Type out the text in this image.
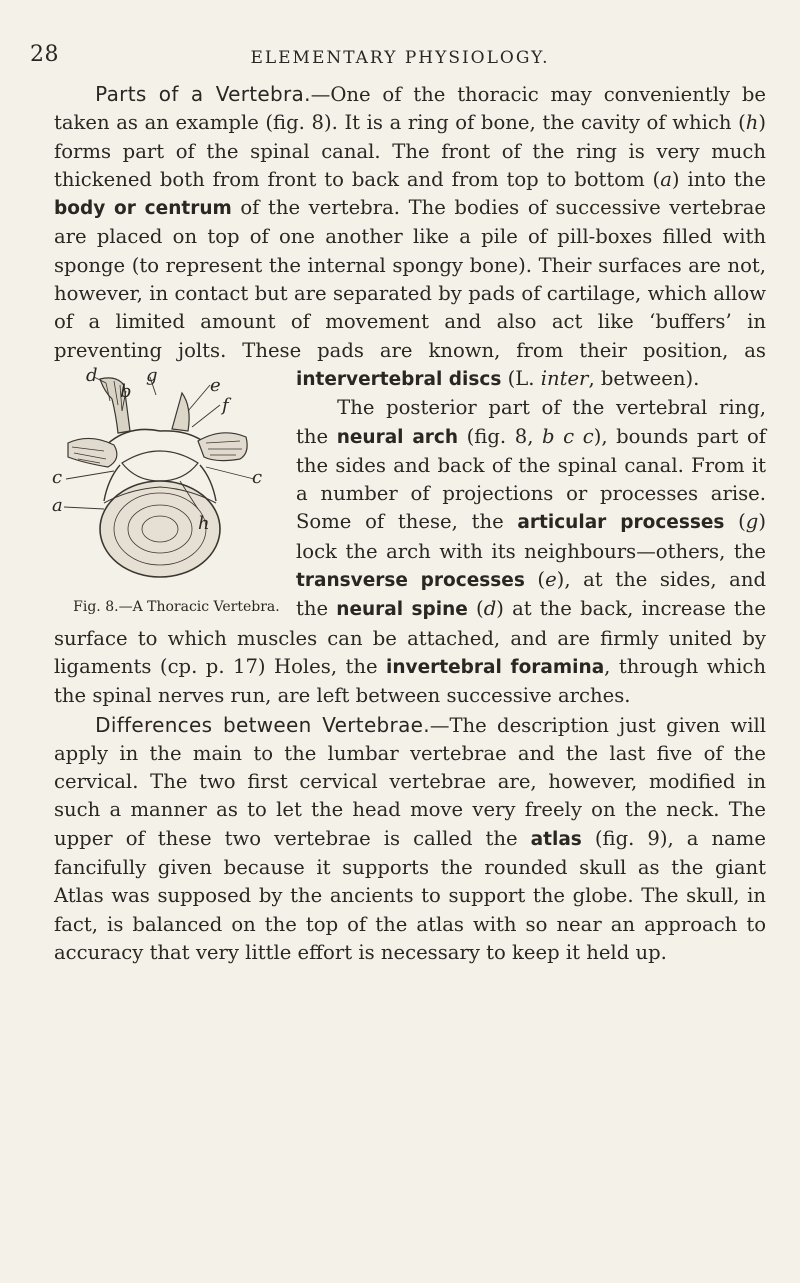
28	ELEMENTARY PHYSIOLOGY.

Parts of a Vertebra.—One of the thoracic may conveniently be taken as an example (fig. 8). It is a ring of bone, the cavity of which (h) forms part of the spinal canal. The front of the ring is very much thickened both from front to back and from top to bottom (a) into the body or centrum of the vertebra. The bodies of successive vertebrae are placed on top of one another like a pile of pill-boxes filled with sponge (to represent the internal spongy bone). Their surfaces are not, however, in contact but are separated by pads of cartilage, which allow of a limited amount of movement and also act like ‘buffers’ in preventing jolts. These pads are known, from their position, as
d	g
b	e
f
c	c
a
h
Fig. 8.—A Thoracic Vertebra.
intervertebral discs (L. inter, between).

The posterior part of the vertebral ring, the neural arch (fig. 8, b c c), bounds part of the sides and back of the spinal canal. From it a number of projections or processes arise. Some of these, the articular processes (g) lock the arch with its neighbours—others, the transverse processes (e), at the sides, and the neural spine (d) at the back, increase the surface to which muscles can be attached, and are firmly united by ligaments (cp. p. 17) Holes, the invertebral foramina, through which the spinal nerves run, are left between successive arches.

Differences between Vertebrae.—The description just given will apply in the main to the lumbar vertebrae and the last five of the cervical. The two first cervical vertebrae are, however, modified in such a manner as to let the head move very freely on the neck. The upper of these two vertebrae is called the atlas (fig. 9), a name fancifully given because it supports the rounded skull as the giant Atlas was supposed by the ancients to support the globe. The skull, in fact, is balanced on the top of the atlas with so near an approach to accuracy that very little effort is necessary to keep it held up.
